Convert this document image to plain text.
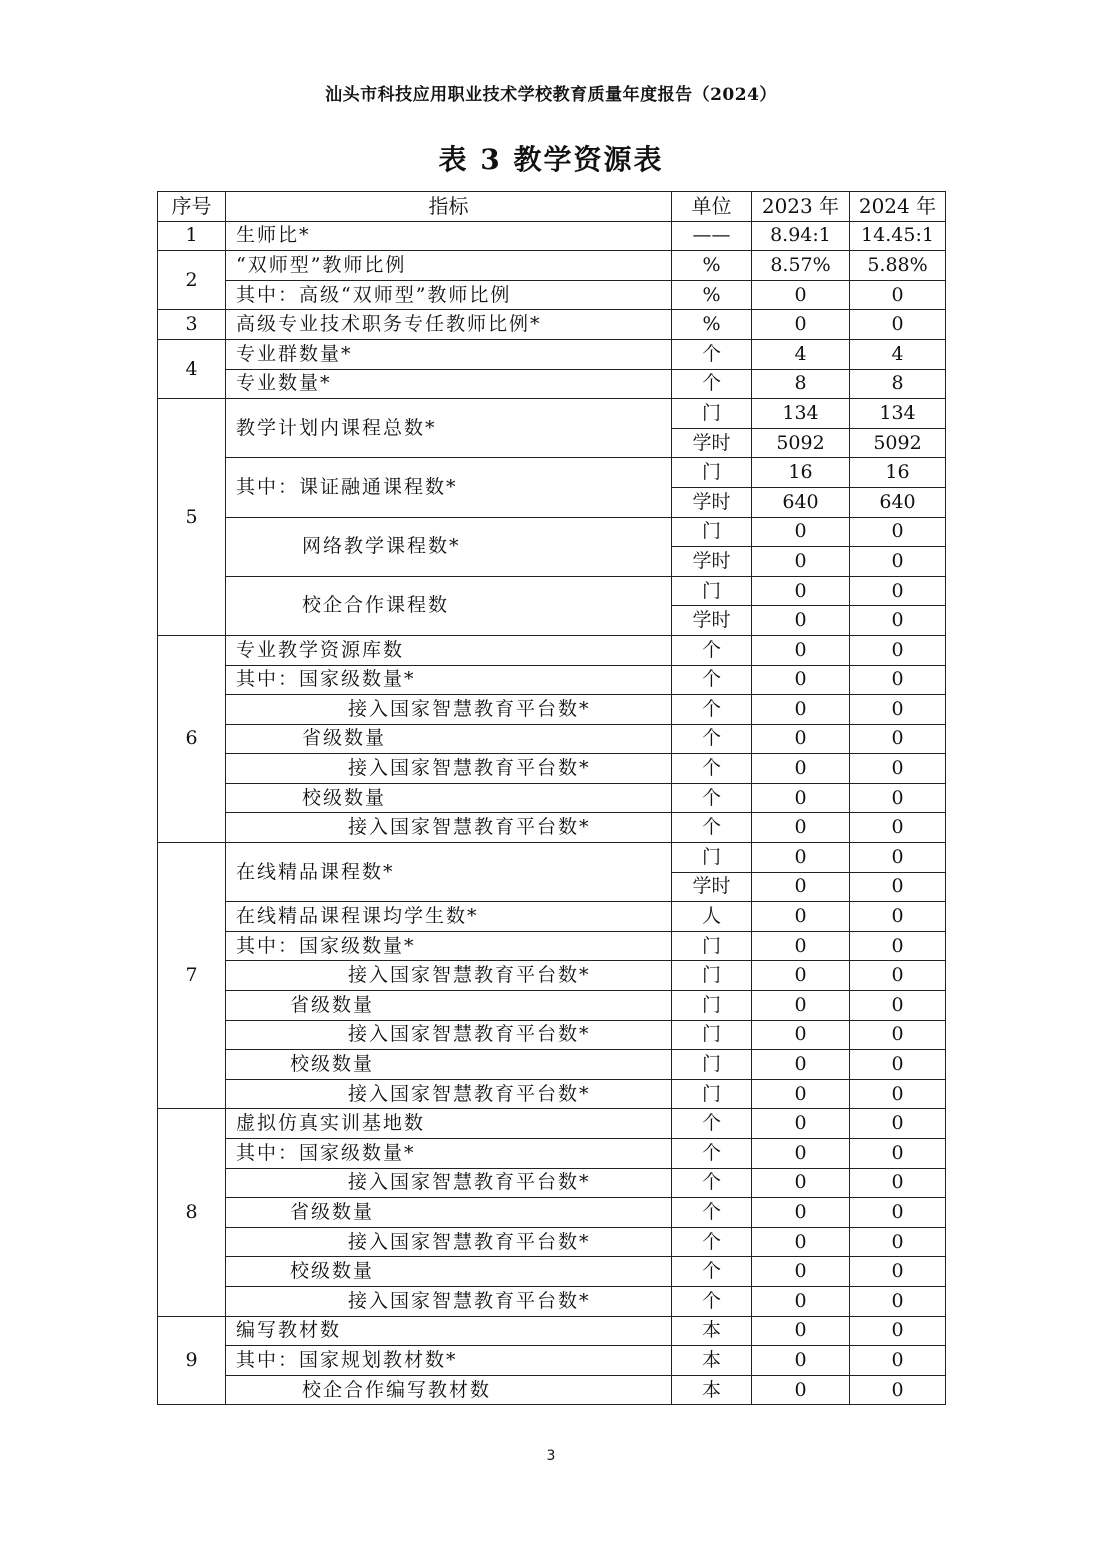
汕头市科技应用职业技术学校教育质量年度报告（2024）
表 3 教学资源表
序号	指标	单位	2023 年	2024 年
1	生师比*	——	8.94:1	14.45:1
2	“双师型”教师比例	%	8.57%	5.88%
	其中：高级“双师型”教师比例	%	0	0
3	高级专业技术职务专任教师比例*	%	0	0
4	专业群数量*	个	4	4
	专业数量*	个	8	8
5	教学计划内课程总数*	门	134	134
		学时	5092	5092
	其中：课证融通课程数*	门	16	16
		学时	640	640
	网络教学课程数*	门	0	0
		学时	0	0
	校企合作课程数	门	0	0
		学时	0	0
6	专业教学资源库数	个	0	0
	其中：国家级数量*	个	0	0
	接入国家智慧教育平台数*	个	0	0
	省级数量	个	0	0
	接入国家智慧教育平台数*	个	0	0
	校级数量	个	0	0
	接入国家智慧教育平台数*	个	0	0
7	在线精品课程数*	门	0	0
		学时	0	0
	在线精品课程课均学生数*	人	0	0
	其中：国家级数量*	门	0	0
	接入国家智慧教育平台数*	门	0	0
	省级数量	门	0	0
	接入国家智慧教育平台数*	门	0	0
	校级数量	门	0	0
	接入国家智慧教育平台数*	门	0	0
8	虚拟仿真实训基地数	个	0	0
	其中：国家级数量*	个	0	0
	接入国家智慧教育平台数*	个	0	0
	省级数量	个	0	0
	接入国家智慧教育平台数*	个	0	0
	校级数量	个	0	0
	接入国家智慧教育平台数*	个	0	0
9	编写教材数	本	0	0
	其中：国家规划教材数*	本	0	0
	校企合作编写教材数	本	0	0
3
